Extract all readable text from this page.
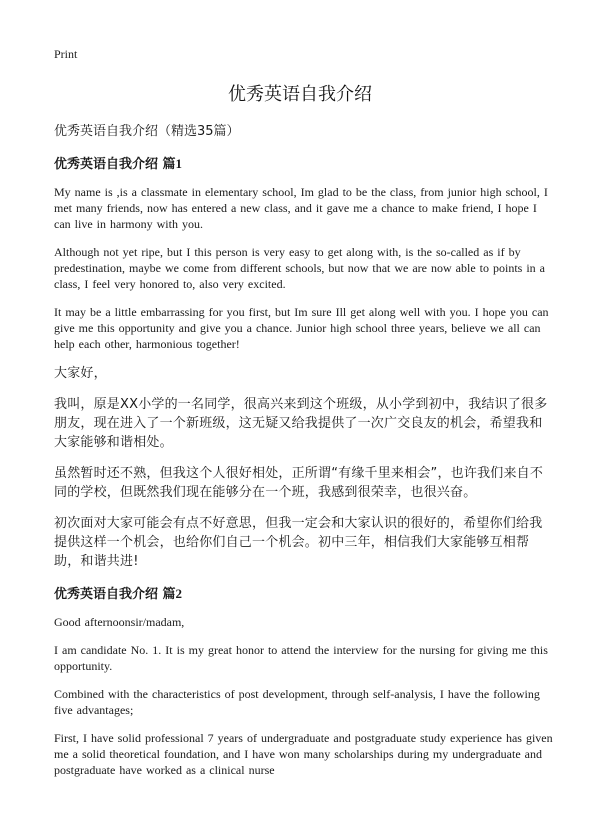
Print
优秀英语自我介绍

优秀英语自我介绍（精选35篇）

优秀英语自我介绍 篇1

My name is ,is a classmate in elementary school, Im glad to be the class, from junior high school, I met many friends, now has entered a new class, and it gave me a chance to make friend, I hope I can live in harmony with you.

Although not yet ripe, but I this person is very easy to get along with, is the so-called as if by predestination, maybe we come from different schools, but now that we are now able to points in a class, I feel very honored to, also very excited.

It may be a little embarrassing for you first, but Im sure Ill get along well with you. I hope you can give me this opportunity and give you a chance. Junior high school three years, believe we all can help each other, harmonious together!

大家好，

我叫，原是XX小学的一名同学，很高兴来到这个班级，从小学到初中，我结识了很多朋友，现在进入了一个新班级，这无疑又给我提供了一次广交良友的机会，希望我和大家能够和谐相处。

虽然暂时还不熟，但我这个人很好相处，正所谓“有缘千里来相会”，也许我们来自不同的学校，但既然我们现在能够分在一个班，我感到很荣幸，也很兴奋。

初次面对大家可能会有点不好意思，但我一定会和大家认识的很好的，希望你们给我提供这样一个机会，也给你们自己一个机会。初中三年，相信我们大家能够互相帮助，和谐共进!

优秀英语自我介绍 篇2

Good afternoonsir/madam,

I am candidate No. 1. It is my great honor to attend the interview for the nursing for giving me this opportunity.

Combined with the characteristics of post development, through self-analysis, I have the following five advantages;

First, I have solid professional 7 years of undergraduate and postgraduate study experience has given me a solid theoretical foundation, and I have won many scholarships during my undergraduate and postgraduate have worked as a clinical nurse
